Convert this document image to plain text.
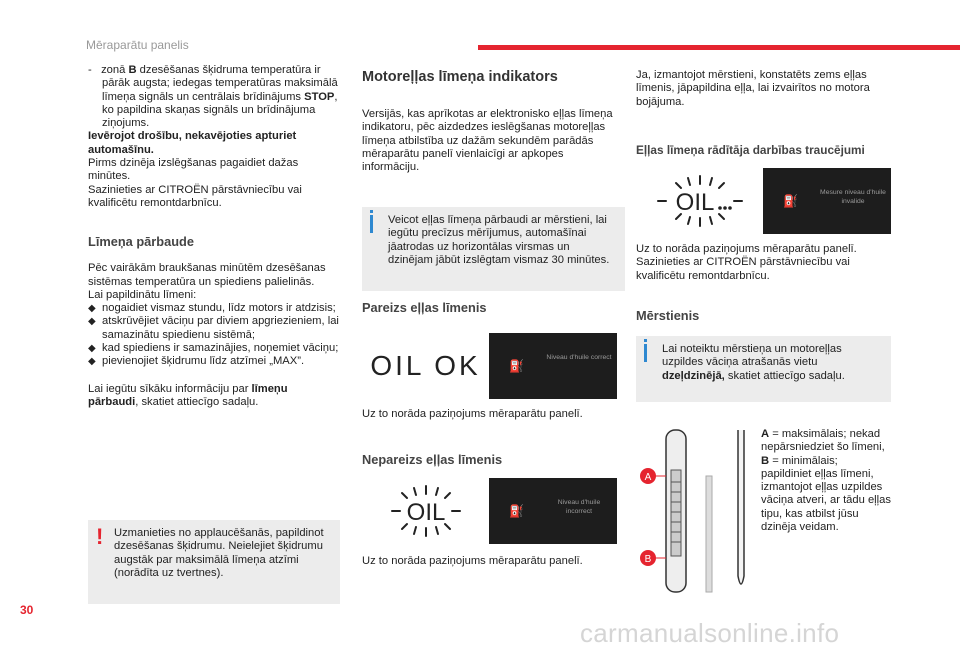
Mēraparātu panelis

-   zonā B dzesēšanas šķidruma temperatūra ir pārāk augsta; iedegas temperatūras maksimālā līmeņa signāls un centrālais brīdinājums STOP, ko papildina skaņas signāls un brīdinājuma ziņojums.

Ievērojot drošību, nekavējoties apturiet automašīnu.

Pirms dzinēja izslēgšanas pagaidiet dažas minūtes.

Sazinieties ar CITROËN pārstāvniecību vai kvalificētu remontdarbnīcu.

Līmeņa pārbaude

Pēc vairākām braukšanas minūtēm dzesēšanas sistēmas temperatūra un spiediens palielinās.

Lai papildinātu līmeni:

◆ nogaidiet vismaz stundu, līdz motors ir atdzisis;
◆ atskrūvējiet vāciņu par diviem apgriezieniem, lai samazinātu spiedienu sistēmā;
◆ kad spiediens ir samazinājies, noņemiet vāciņu;
◆ pievienojiet šķidrumu līdz atzīmei „MAX”.

Lai iegūtu sīkāku informāciju par līmeņu pārbaudi, skatiet attiecīgo sadaļu.

! Uzmanieties no applaucēšanās, papildinot dzesēšanas šķidrumu. Neielejiet šķidrumu augstāk par maksimālā līmeņa atzīmi (norādīta uz tvertnes).

Motoreļļas līmeņa indikators

Versijās, kas aprīkotas ar elektronisko eļļas līmeņa indikatoru, pēc aizdedzes ieslēgšanas motoreļļas līmeņa atbilstība uz dažām sekundēm parādās mēraparātu panelī vienlaicīgi ar apkopes informāciju.

Veicot eļļas līmeņa pārbaudi ar mērstieni, lai iegūtu precīzus mērījumus, automašīnai jāatrodas uz horizontālas virsmas un dzinējam jābūt izslēgtam vismaz 30 minūtes.

Pareizs eļļas līmenis

OIL OK ⛽
Niveau d'huile correct

Uz to norāda paziņojums mēraparātu panelī.

Nepareizs eļļas līmenis

OIL	⛽
Niveau d'huile incorrect

Uz to norāda paziņojums mēraparātu panelī.

Ja, izmantojot mērstieni, konstatēts zems eļļas līmenis, jāpapildina eļļa, lai izvairītos no motora bojājuma.

Eļļas līmeņa rādītāja darbības traucējumi

OIL	⛽
Mesure niveau d'huile invalide

Uz to norāda paziņojums mēraparātu panelī. Sazinieties ar CITROËN pārstāvniecību vai kvalificētu remontdarbnīcu.

Mērstienis

Lai noteiktu mērstieņa un motoreļļas uzpildes vāciņa atrašanās vietu dzeļdzinējā, skatiet attiecīgo sadaļu.

A
B

A = maksimālais; nekad nepārsniedziet šo līmeni,

B = minimālais; papildiniet eļļas līmeni, izmantojot eļļas uzpildes vāciņa atveri, ar tādu eļļas tipu, kas atbilst jūsu dzinēja veidam.

30
carmanualsonline.info
